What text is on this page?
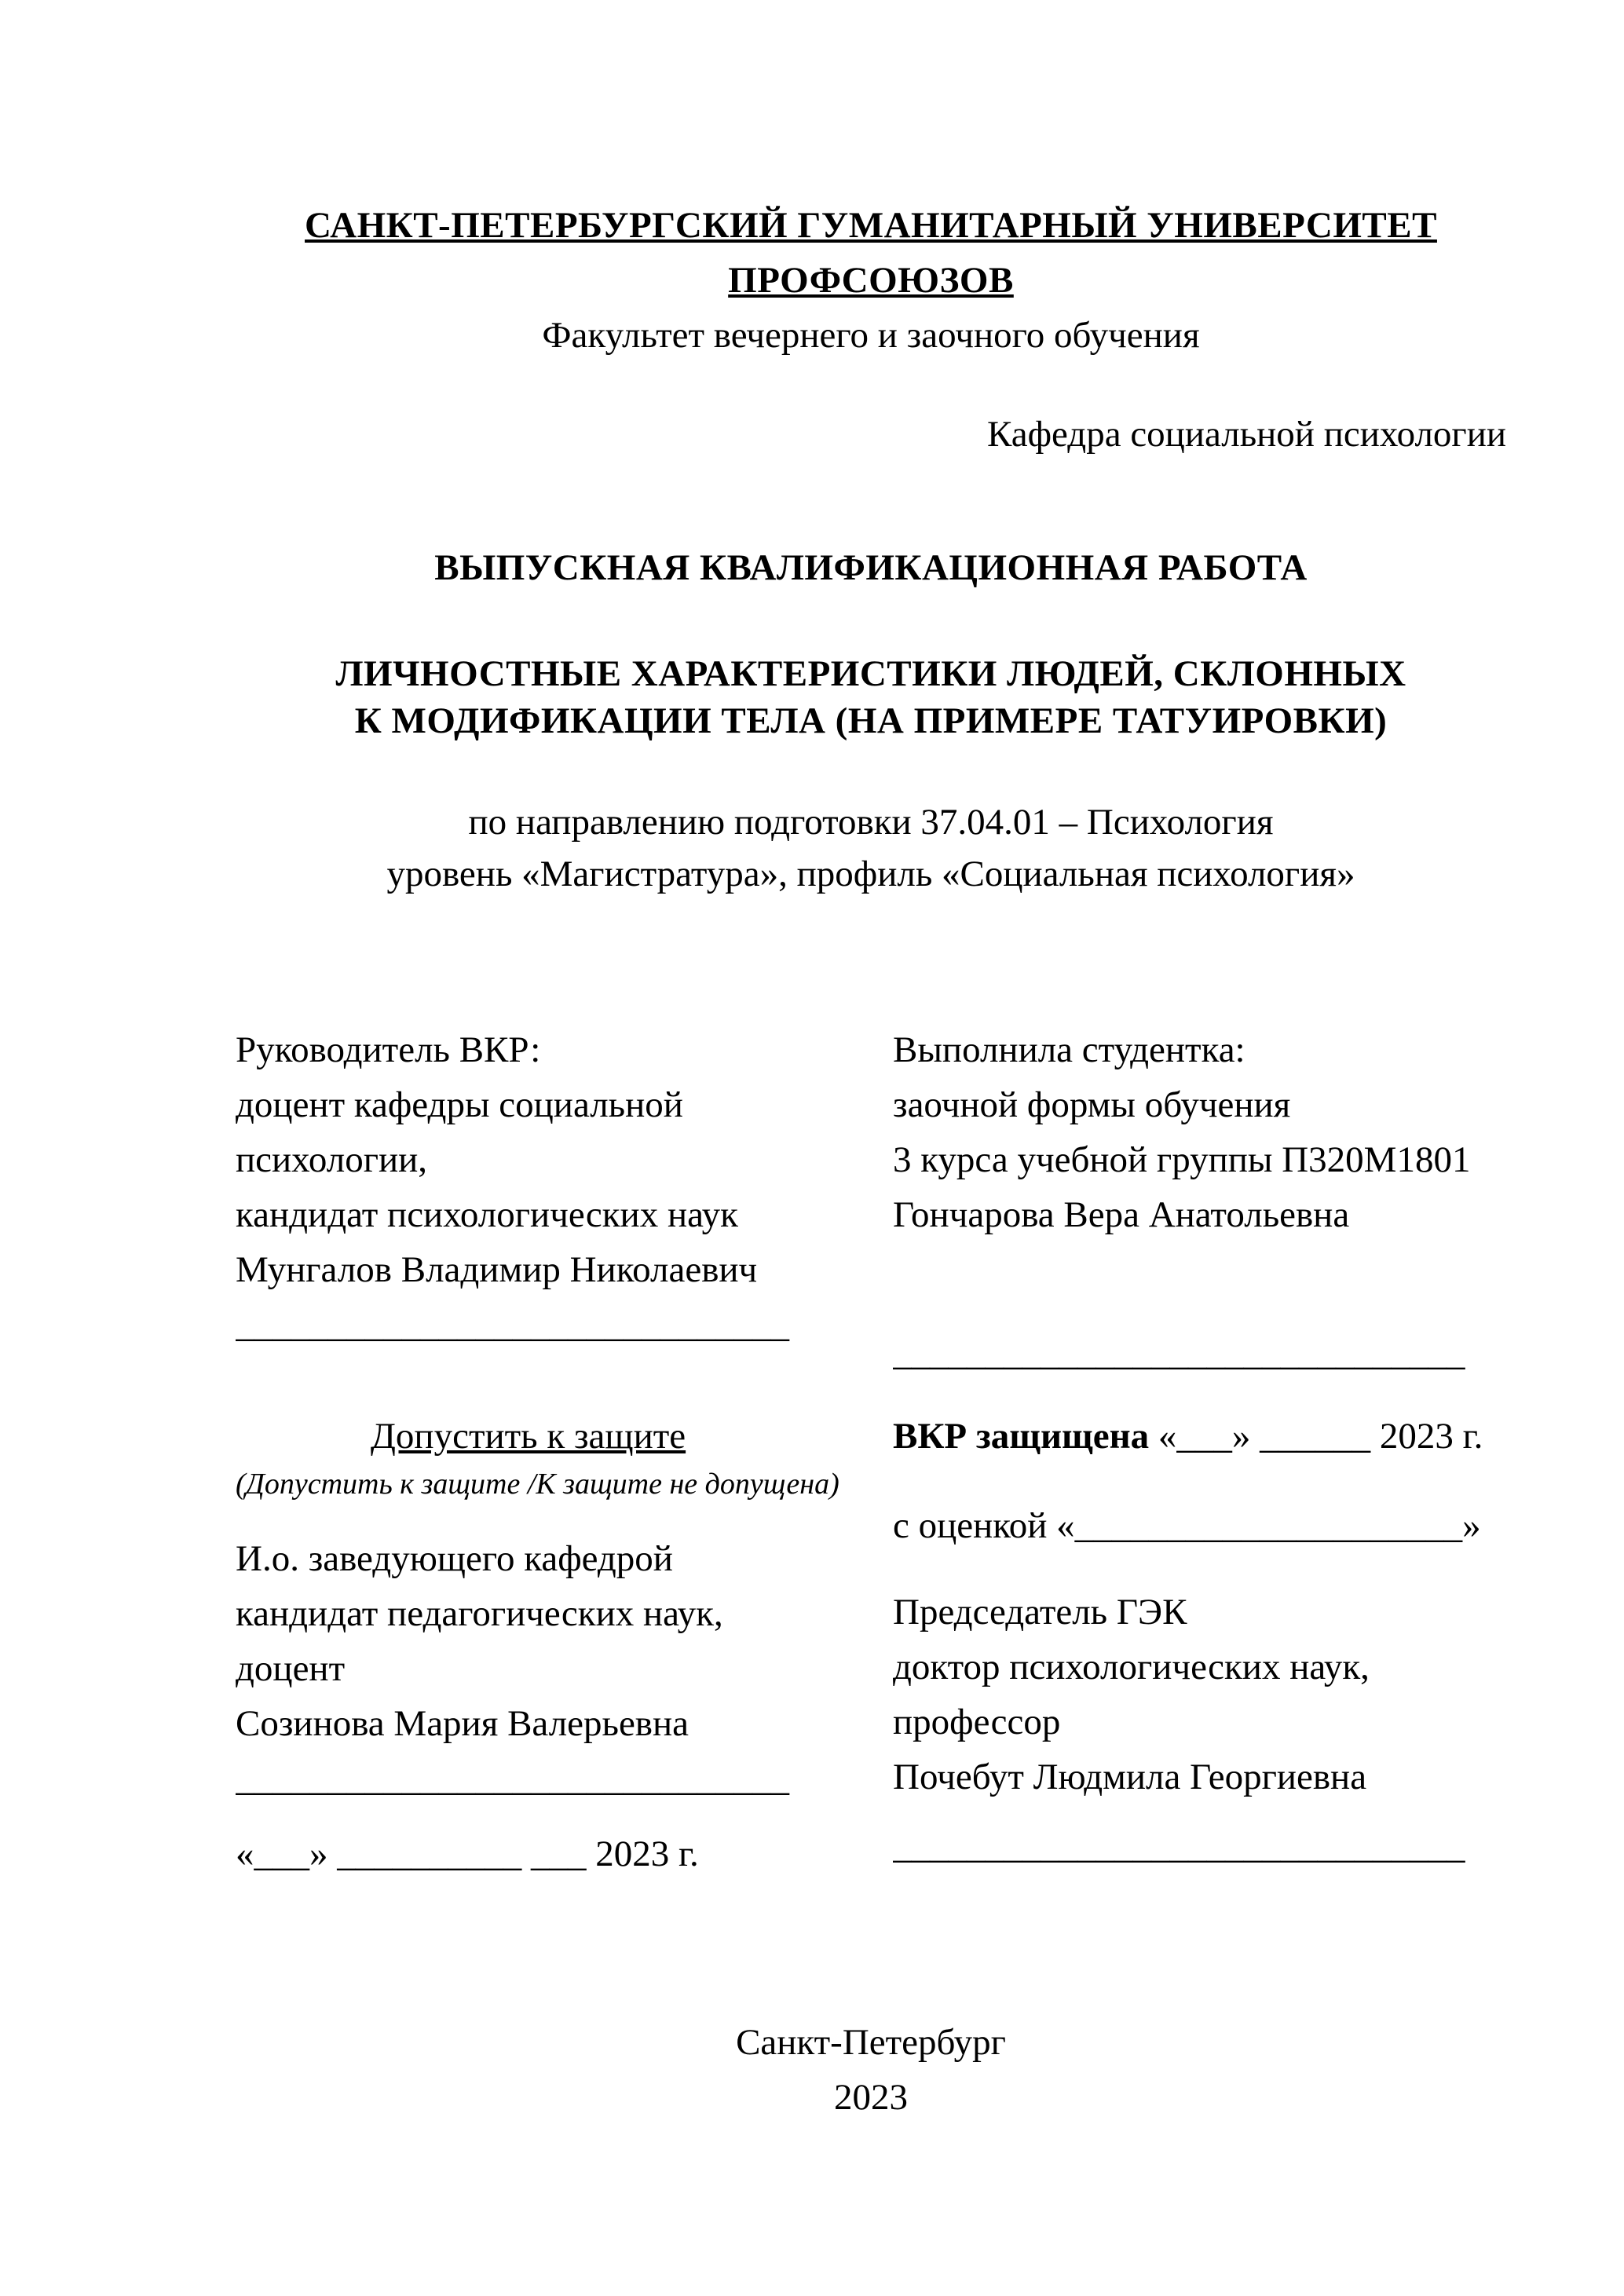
САНКТ-ПЕТЕРБУРГСКИЙ ГУМАНИТАРНЫЙ УНИВЕРСИТЕТ ПРОФСОЮЗОВ
Факультет вечернего и заочного обучения
Кафедра социальной психологии
ВЫПУСКНАЯ КВАЛИФИКАЦИОННАЯ РАБОТА
ЛИЧНОСТНЫЕ ХАРАКТЕРИСТИКИ ЛЮДЕЙ, СКЛОННЫХ
К МОДИФИКАЦИИ ТЕЛА (НА ПРИМЕРЕ ТАТУИРОВКИ)
по направлению подготовки 37.04.01 – Психология
уровень «Магистратура», профиль «Социальная психология»
Руководитель ВКР:
доцент кафедры социальной
психологии,
кандидат психологических наук
Мунгалов Владимир Николаевич
______________________________
Выполнила студентка:
заочной формы обучения
3 курса учебной группы П320М1801
Гончарова Вера Анатольевна
_______________________________
Допустить к защите
(Допустить к защите /К защите не допущена)
И.о. заведующего кафедрой
кандидат педагогических наук,
доцент
Созинова Мария Валерьевна
______________________________
«___» __________ ___ 2023 г.
ВКР защищена «___» ______ 2023 г.
с оценкой «_____________________»
Председатель ГЭК
доктор психологических наук,
профессор
Почебут Людмила Георгиевна
_______________________________
Санкт-Петербург
2023
